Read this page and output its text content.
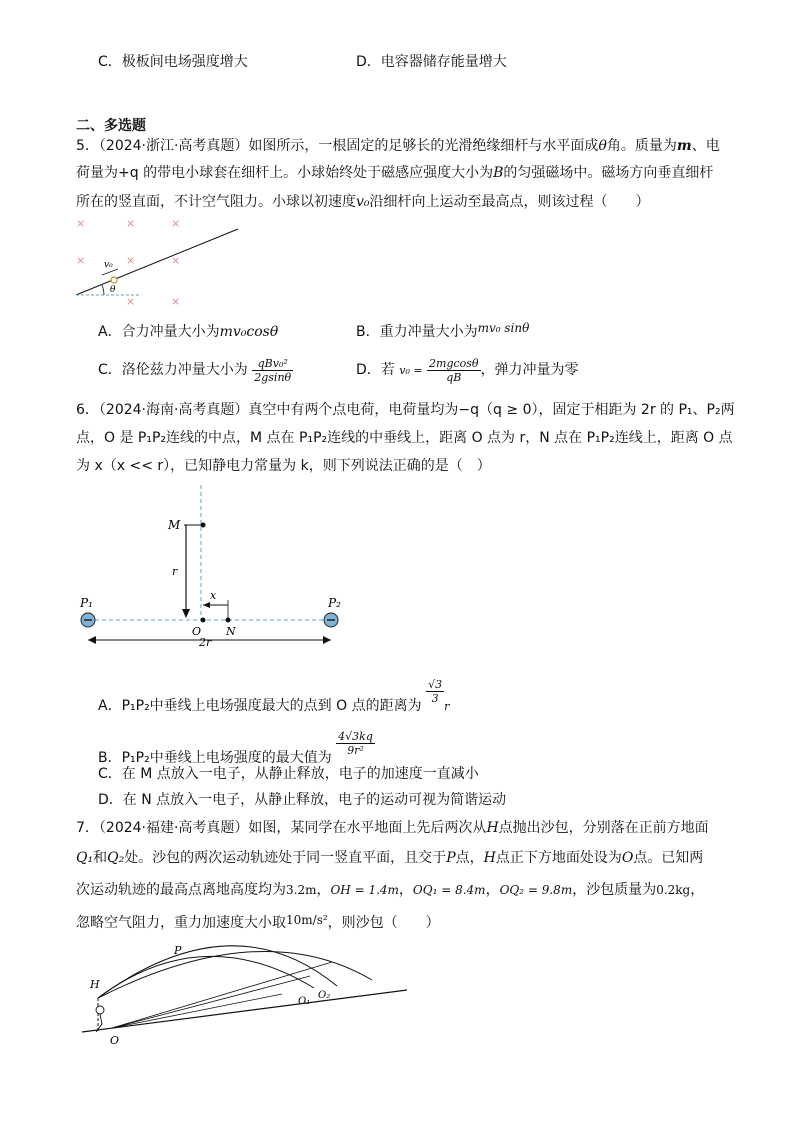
C．极板间电场强度增大	D．电容器储存能量增大
二、多选题
5．（2024·浙江·高考真题）如图所示，一根固定的足够长的光滑绝缘细杆与水平面成θ角。质量为m、电
荷量为+q 的带电小球套在细杆上。小球始终处于磁感应强度大小为B的匀强磁场中。磁场方向垂直细杆
所在的竖直面，不计空气阻力。小球以初速度v₀沿细杆向上运动至最高点，则该过程（　　）
×	×	×
×	×	×
×	×
v₀
θ
A．合力冲量大小为mv₀cosθ	B．重力冲量大小为mv₀ sinθ
C．洛伦兹力冲量大小为 $\frac{\text{qBv₀²}}{2gsin\theta}$	D．若 $v_0 = \frac{2mgcos\theta}{qB}$ ，弹力冲量为零
6．（2024·海南·高考真题）真空中有两个点电荷，电荷量均为−q（q ≥ 0），固定于相距为 2r 的 P₁、P₂两
点，O 是 P₁P₂连线的中点，M 点在 P₁P₂连线的中垂线上，距离 O 点为 r，N 点在 P₁P₂连线上，距离 O 点
为 x（x << r），已知静电力常量为 k，则下列说法正确的是（　）
P₁	P₂
M
r
x
O N
2r
A．P₁P₂中垂线上电场强度最大的点到 O 点的距离为
$\frac{√3}{3}$
r
B．P₁P₂中垂线上电场强度的最大值为
$\frac{4√3kq}{\text{9r²}}$
C．在 M 点放入一电子，从静止释放，电子的加速度一直减小
D．在 N 点放入一电子，从静止释放，电子的运动可视为简谐运动
7．（2024·福建·高考真题）如图，某同学在水平地面上先后两次从H点抛出沙包，分别落在正前方地面
Q₁和Q₂处。沙包的两次运动轨迹处于同一竖直平面，且交于P点，H点正下方地面处设为O点。已知两
次运动轨迹的最高点离地高度均为3.2m，OH = 1.4m，OQ₁ = 8.4m，OQ₂ = 9.8m，沙包质量为0.2kg，
忽略空气阻力，重力加速度大小取10m/s²，则沙包（　　）
H
P
O
O₁
O₂
